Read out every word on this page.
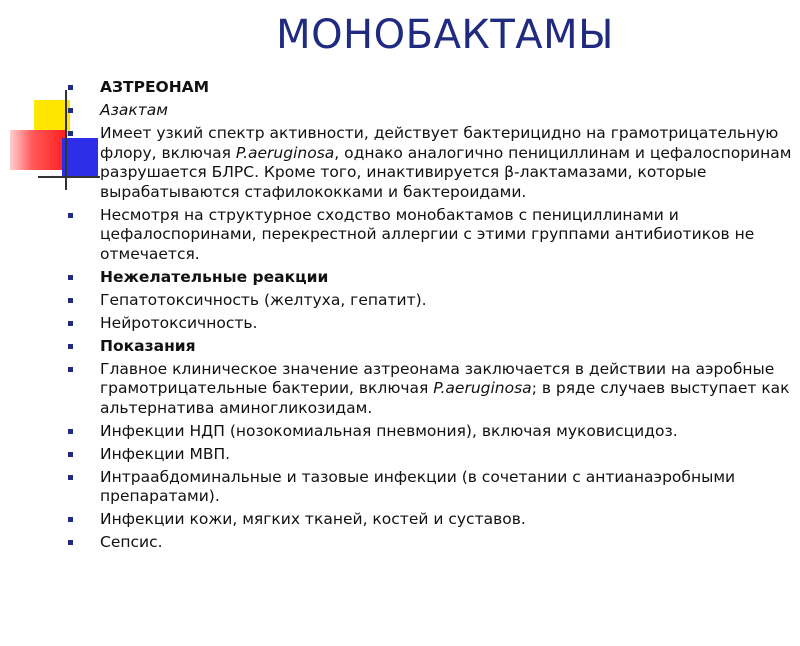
МОНОБАКТАМЫ
АЗТРЕОНАМ
Азактам
Имеет узкий спектр активности, действует бактерицидно на грамотрицательную флору, включая P.aeruginosa, однако аналогично пенициллинам и цефалоспоринам разрушается БЛРС. Кроме того, инактивируется β-лактамазами, которые вырабатываются стафилококками и бактероидами.
Несмотря на структурное сходство монобактамов с пенициллинами и цефалоспоринами, перекрестной аллергии с этими группами антибиотиков не отмечается.
Нежелательные реакции
Гепатотоксичность (желтуха, гепатит).
Нейротоксичность.
Показания
Главное клиническое значение азтреонама заключается в действии на аэробные грамотрицательные бактерии, включая P.aeruginosa; в ряде случаев выступает как альтернатива аминогликозидам.
Инфекции НДП (нозокомиальная пневмония), включая муковисцидоз.
Инфекции МВП.
Интраабдоминальные и тазовые инфекции (в сочетании с антианаэробными препаратами).
Инфекции кожи, мягких тканей, костей и суставов.
Сепсис.
